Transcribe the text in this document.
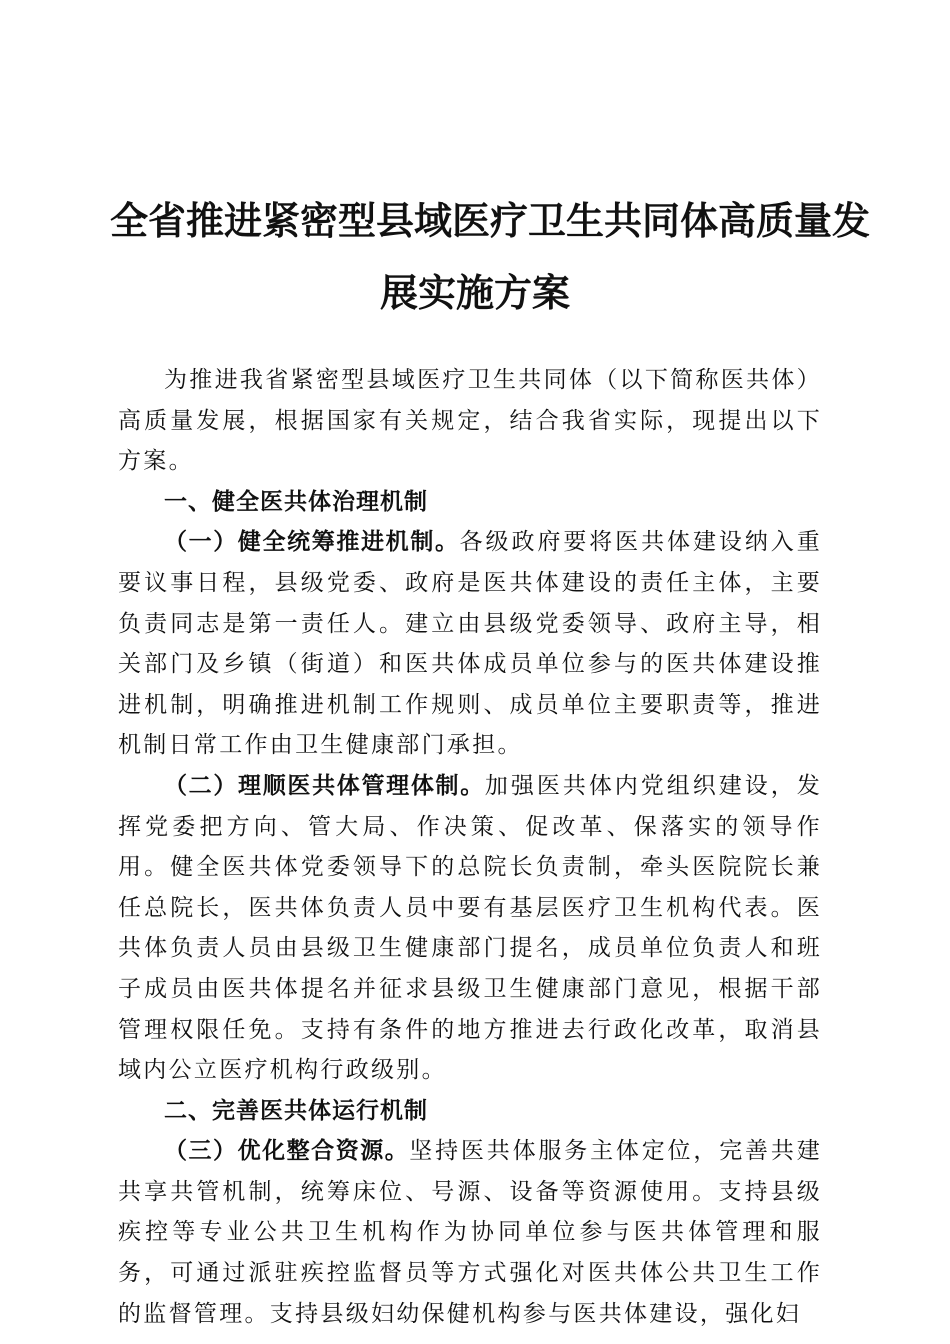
全省推进紧密型县域医疗卫生共同体高质量发
展实施方案

为推进我省紧密型县域医疗卫生共同体（以下简称医共体）高质量发展，根据国家有关规定，结合我省实际，现提出以下方案。

一、健全医共体治理机制

（一）健全统筹推进机制。各级政府要将医共体建设纳入重要议事日程，县级党委、政府是医共体建设的责任主体，主要负责同志是第一责任人。建立由县级党委领导、政府主导，相关部门及乡镇（街道）和医共体成员单位参与的医共体建设推进机制，明确推进机制工作规则、成员单位主要职责等，推进机制日常工作由卫生健康部门承担。

（二）理顺医共体管理体制。加强医共体内党组织建设，发挥党委把方向、管大局、作决策、促改革、保落实的领导作用。健全医共体党委领导下的总院长负责制，牵头医院院长兼任总院长，医共体负责人员中要有基层医疗卫生机构代表。医共体负责人员由县级卫生健康部门提名，成员单位负责人和班子成员由医共体提名并征求县级卫生健康部门意见，根据干部管理权限任免。支持有条件的地方推进去行政化改革，取消县域内公立医疗机构行政级别。

二、完善医共体运行机制

（三）优化整合资源。坚持医共体服务主体定位，完善共建共享共管机制，统筹床位、号源、设备等资源使用。支持县级疾控等专业公共卫生机构作为协同单位参与医共体管理和服务，可通过派驻疾控监督员等方式强化对医共体公共卫生工作的监督管理。支持县级妇幼保健机构参与医共体建设，强化妇
